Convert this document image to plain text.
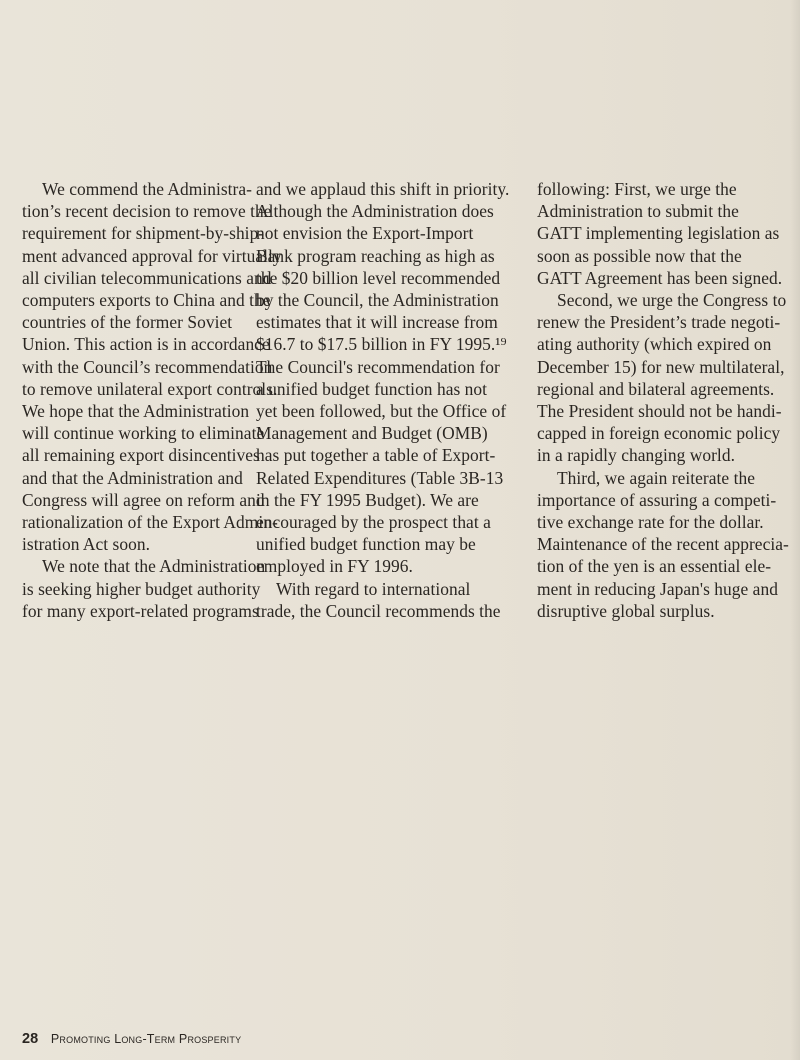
We commend the Administra-
tion’s recent decision to remove the
requirement for shipment-by-ship-
ment advanced approval for virtually
all civilian telecommunications and
computers exports to China and the
countries of the former Soviet
Union. This action is in accordance
with the Council’s recommendation
to remove unilateral export controls.
We hope that the Administration
will continue working to eliminate
all remaining export disincentives
and that the Administration and
Congress will agree on reform and
rationalization of the Export Admin-
istration Act soon.
We note that the Administration
is seeking higher budget authority
for many export-related programs
and we applaud this shift in priority.
Although the Administration does
not envision the Export-Import
Bank program reaching as high as
the $20 billion level recommended
by the Council, the Administration
estimates that it will increase from
$16.7 to $17.5 billion in FY 1995.¹⁹
The Council's recommendation for
a unified budget function has not
yet been followed, but the Office of
Management and Budget (OMB)
has put together a table of Export-
Related Expenditures (Table 3B-13
in the FY 1995 Budget). We are
encouraged by the prospect that a
unified budget function may be
employed in FY 1996.
With regard to international
trade, the Council recommends the
following: First, we urge the
Administration to submit the
GATT implementing legislation as
soon as possible now that the
GATT Agreement has been signed.
Second, we urge the Congress to
renew the President’s trade negoti-
ating authority (which expired on
December 15) for new multilateral,
regional and bilateral agreements.
The President should not be handi-
capped in foreign economic policy
in a rapidly changing world.
Third, we again reiterate the
importance of assuring a competi-
tive exchange rate for the dollar.
Maintenance of the recent apprecia-
tion of the yen is an essential ele-
ment in reducing Japan's huge and
disruptive global surplus.
28 Promoting Long-Term Prosperity
